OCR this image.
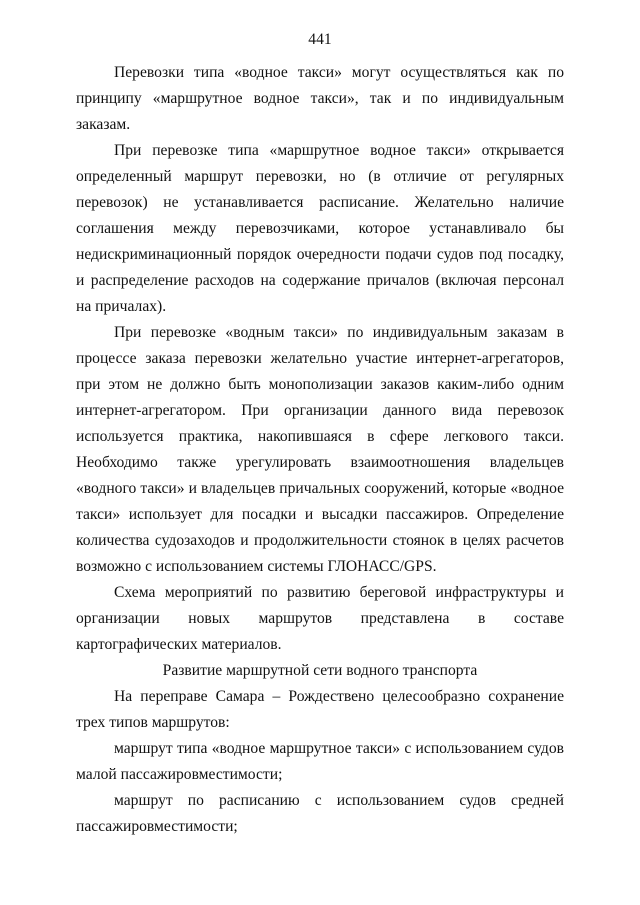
441

Перевозки типа «водное такси» могут осуществляться как по принципу «маршрутное водное такси», так и по индивидуальным заказам.

При перевозке типа «маршрутное водное такси» открывается определенный маршрут перевозки, но (в отличие от регулярных перевозок) не устанавливается расписание. Желательно наличие соглашения между перевозчиками, которое устанавливало бы недискриминационный порядок очередности подачи судов под посадку, и распределение расходов на содержание причалов (включая персонал на причалах).

При перевозке «водным такси» по индивидуальным заказам в процессе заказа перевозки желательно участие интернет-агрегаторов, при этом не должно быть монополизации заказов каким-либо одним интернет-агрегатором. При организации данного вида перевозок используется практика, накопившаяся в сфере легкового такси. Необходимо также урегулировать взаимоотношения владельцев «водного такси» и владельцев причальных сооружений, которые «водное такси» использует для посадки и высадки пассажиров. Определение количества судозаходов и продолжительности стоянок в целях расчетов возможно с использованием системы ГЛОНАСС/GPS.

Схема мероприятий по развитию береговой инфраструктуры и организации новых маршрутов представлена в составе картографических материалов.

Развитие маршрутной сети водного транспорта

На переправе Самара – Рождествено целесообразно сохранение трех типов маршрутов:

маршрут типа «водное маршрутное такси» с использованием судов малой пассажировместимости;

маршрут по расписанию с использованием судов средней пассажировместимости;
